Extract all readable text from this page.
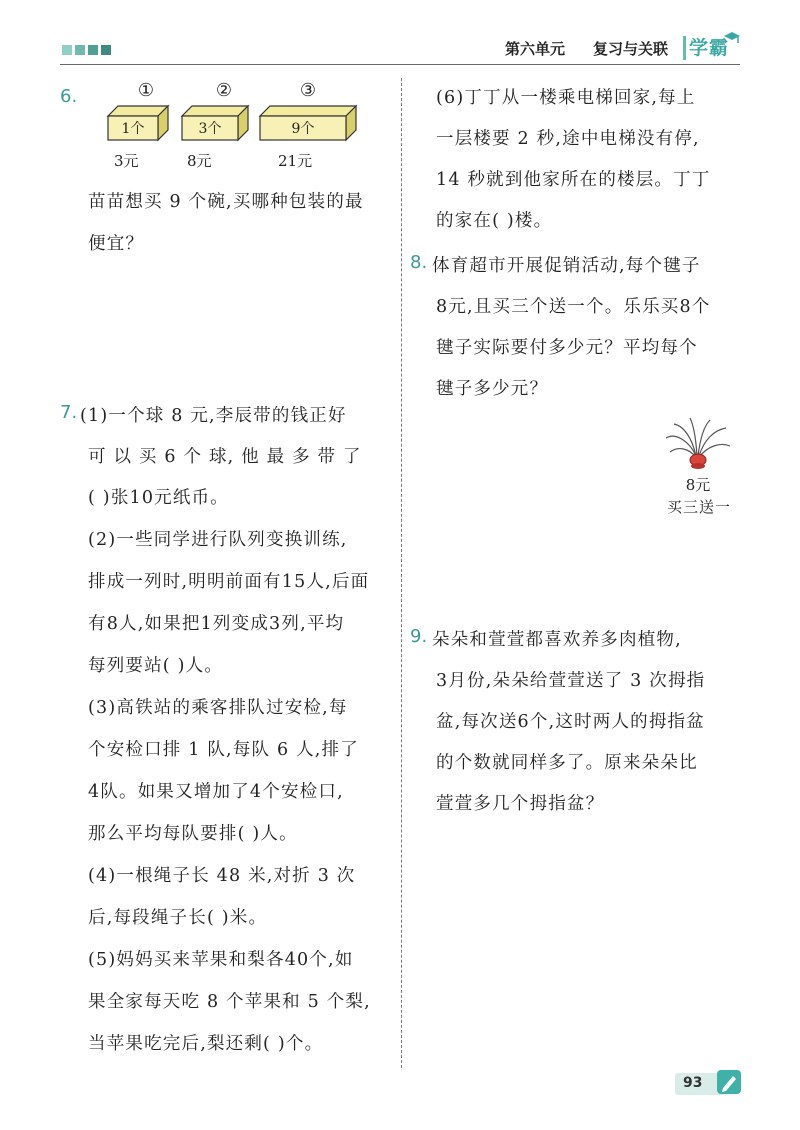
第六单元 复习与关联 学霸
6.	①	②	③
1个	3个	9个
3元	8元	21元
苗苗想买 9 个碗,买哪种包装的最
便宜？
7. (1)一个球 8 元,李辰带的钱正好
可 以 买 6 个 球, 他 最 多 带 了
( )张10元纸币。
(2)一些同学进行队列变换训练,
排成一列时,明明前面有15人,后面
有8人,如果把1列变成3列,平均
每列要站( )人。
(3)高铁站的乘客排队过安检,每
个安检口排 1 队,每队 6 人,排了
4队。如果又增加了4个安检口,
那么平均每队要排( )人。
(4)一根绳子长 48 米,对折 3 次
后,每段绳子长( )米。
(5)妈妈买来苹果和梨各40个,如
果全家每天吃 8 个苹果和 5 个梨,
当苹果吃完后,梨还剩( )个。
(6)丁丁从一楼乘电梯回家,每上
一层楼要 2 秒,途中电梯没有停,
14 秒就到他家所在的楼层。丁丁
的家在( )楼。
8. 体育超市开展促销活动,每个毽子
8元,且买三个送一个。乐乐买8个
毽子实际要付多少元？平均每个
毽子多少元？
8元
买三送一
9. 朵朵和萱萱都喜欢养多肉植物,
3月份,朵朵给萱萱送了 3 次拇指
盆,每次送6个,这时两人的拇指盆
的个数就同样多了。原来朵朵比
萱萱多几个拇指盆？
93
